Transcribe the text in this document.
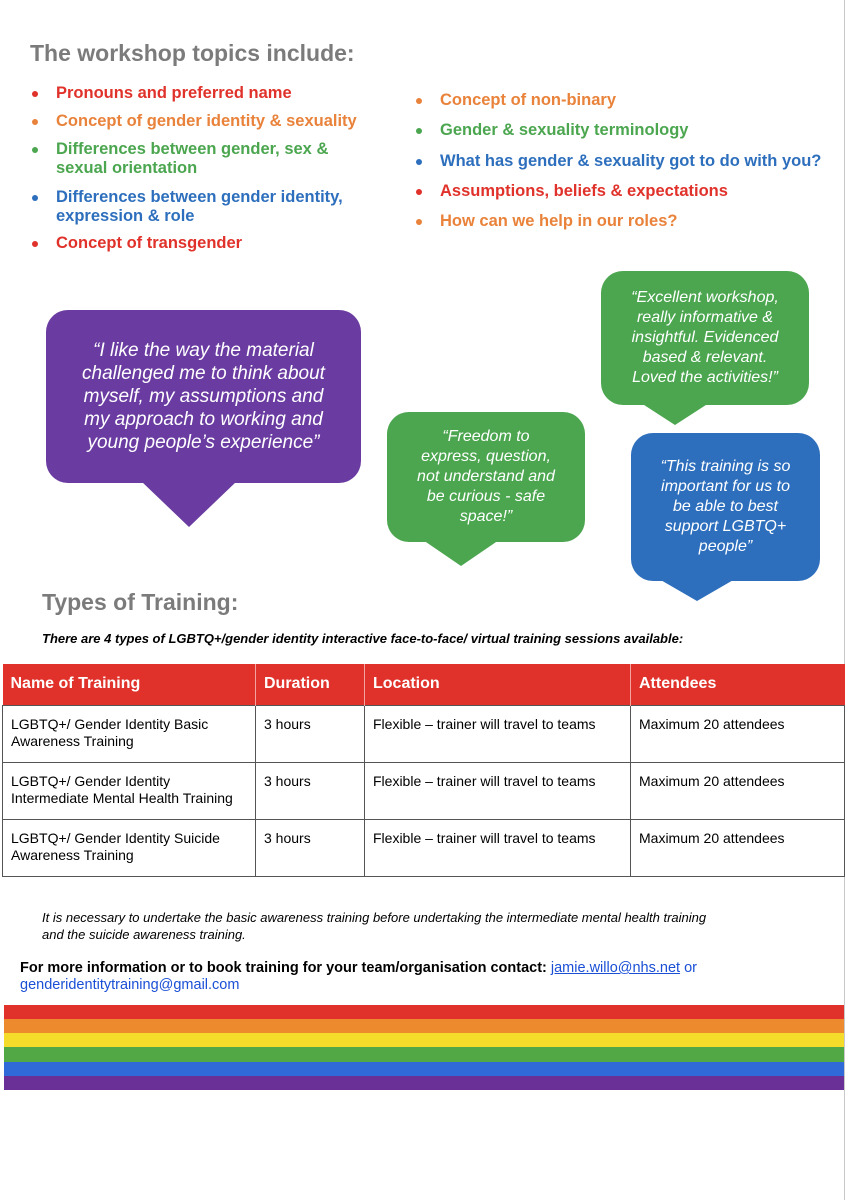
The workshop topics include:
Pronouns and preferred name
Concept of gender identity & sexuality
Differences between gender, sex &
sexual orientation
Differences between gender identity,
expression & role
Concept of transgender
Concept of non-binary
Gender & sexuality terminology
What has gender & sexuality got to do with you?
Assumptions, beliefs & expectations
How can we help in our roles?
“I like the way the material
challenged me to think about
myself, my assumptions and
my approach to working and
young people’s experience”
“Excellent workshop,
really informative &
insightful. Evidenced
based & relevant.
Loved the activities!”
“Freedom to
express, question,
not understand and
be curious - safe
space!”
“This training is so
important for us to
be able to best
support LGBTQ+
people”
Types of Training:
There are 4 types of LGBTQ+/gender identity interactive face-to-face/ virtual training sessions available:
Name of Training	Duration	Location	Attendees
LGBTQ+/ Gender Identity Basic
Awareness Training	3 hours	Flexible – trainer will travel to teams	Maximum 20 attendees
LGBTQ+/ Gender Identity
Intermediate Mental Health Training	3 hours	Flexible – trainer will travel to teams	Maximum 20 attendees
LGBTQ+/ Gender Identity Suicide
Awareness Training	3 hours	Flexible – trainer will travel to teams	Maximum 20 attendees
It is necessary to undertake the basic awareness training before undertaking the intermediate mental health training
and the suicide awareness training.
For more information or to book training for your team/organisation contact: jamie.willo@nhs.net or
genderidentitytraining@gmail.com
